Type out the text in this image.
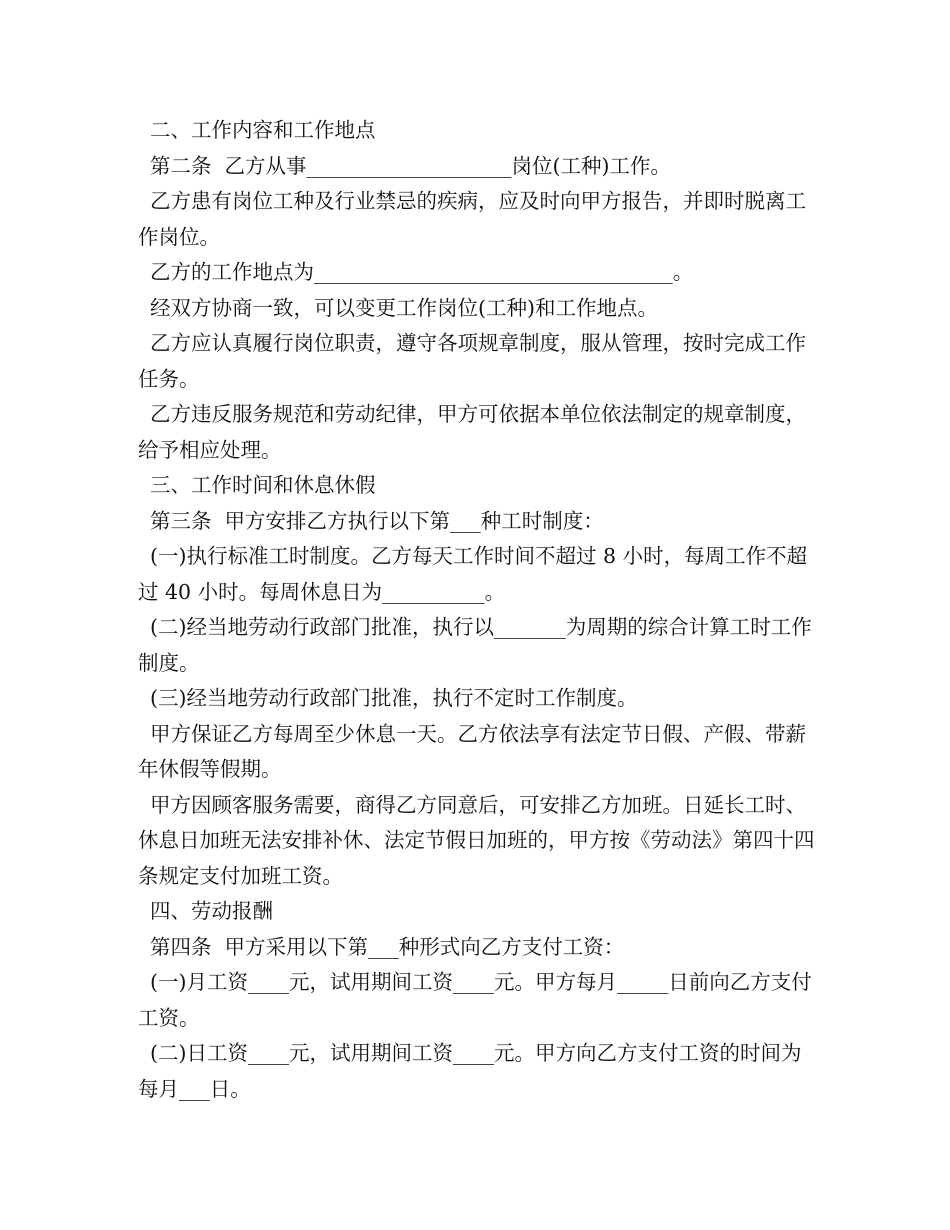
二、工作内容和工作地点

第二条  乙方从事____________________岗位(工种)工作。

乙方患有岗位工种及行业禁忌的疾病，应及时向甲方报告，并即时脱离工作岗位。

乙方的工作地点为___________________________________。

经双方协商一致，可以变更工作岗位(工种)和工作地点。

乙方应认真履行岗位职责，遵守各项规章制度，服从管理，按时完成工作任务。

乙方违反服务规范和劳动纪律，甲方可依据本单位依法制定的规章制度，给予相应处理。

三、工作时间和休息休假

第三条  甲方安排乙方执行以下第___种工时制度：

(一)执行标准工时制度。乙方每天工作时间不超过 8 小时，每周工作不超过 40 小时。每周休息日为__________。

(二)经当地劳动行政部门批准，执行以_______为周期的综合计算工时工作制度。

(三)经当地劳动行政部门批准，执行不定时工作制度。

甲方保证乙方每周至少休息一天。乙方依法享有法定节日假、产假、带薪年休假等假期。

甲方因顾客服务需要，商得乙方同意后，可安排乙方加班。日延长工时、休息日加班无法安排补休、法定节假日加班的，甲方按《劳动法》第四十四条规定支付加班工资。

四、劳动报酬

第四条  甲方采用以下第___种形式向乙方支付工资：

(一)月工资____元，试用期间工资____元。甲方每月_____日前向乙方支付工资。

(二)日工资____元，试用期间工资____元。甲方向乙方支付工资的时间为每月___日。
